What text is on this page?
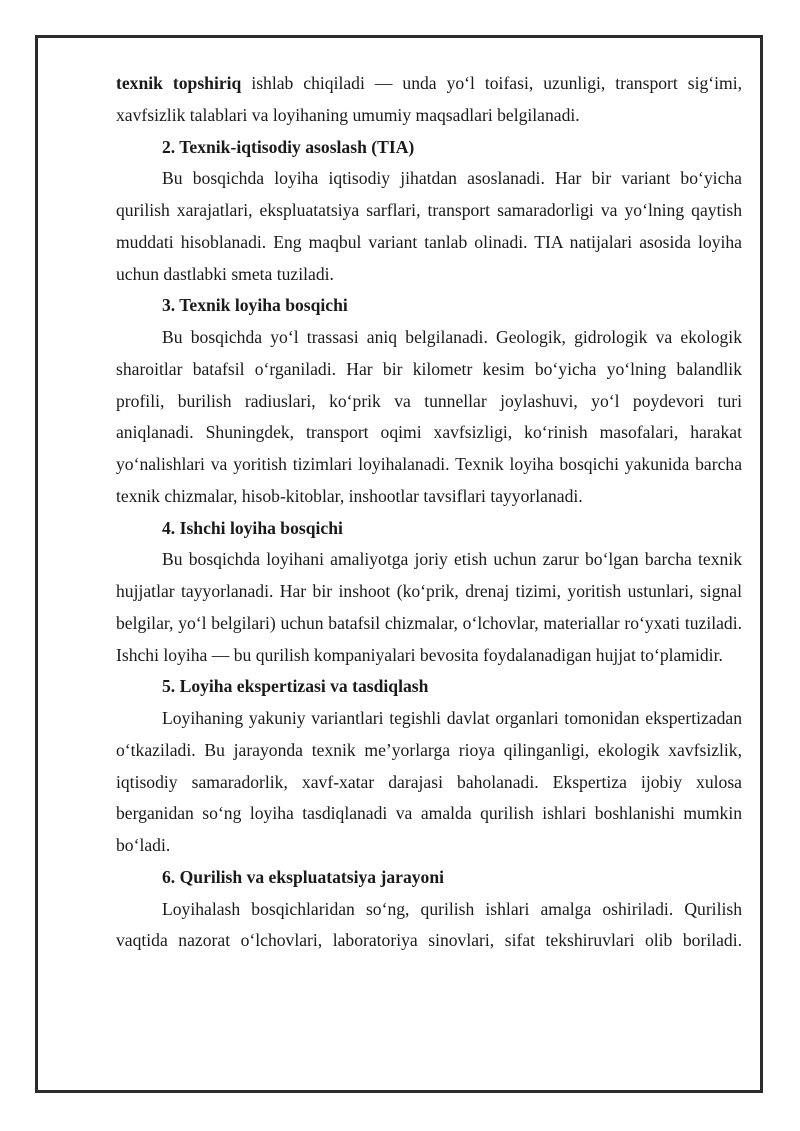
texnik topshiriq ishlab chiqiladi — unda yo‘l toifasi, uzunligi, transport sig‘imi, xavfsizlik talablari va loyihaning umumiy maqsadlari belgilanadi.

2. Texnik-iqtisodiy asoslash (TIA)

Bu bosqichda loyiha iqtisodiy jihatdan asoslanadi. Har bir variant bo‘yicha qurilish xarajatlari, ekspluatatsiya sarflari, transport samaradorligi va yo‘lning qaytish muddati hisoblanadi. Eng maqbul variant tanlab olinadi. TIA natijalari asosida loyiha uchun dastlabki smeta tuziladi.

3. Texnik loyiha bosqichi

Bu bosqichda yo‘l trassasi aniq belgilanadi. Geologik, gidrologik va ekologik sharoitlar batafsil o‘rganiladi. Har bir kilometr kesim bo‘yicha yo‘lning balandlik profili, burilish radiuslari, ko‘prik va tunnellar joylashuvi, yo‘l poydevori turi aniqlanadi. Shuningdek, transport oqimi xavfsizligi, ko‘rinish masofalari, harakat yo‘nalishlari va yoritish tizimlari loyihalanadi. Texnik loyiha bosqichi yakunida barcha texnik chizmalar, hisob-kitoblar, inshootlar tavsiflari tayyorlanadi.

4. Ishchi loyiha bosqichi

Bu bosqichda loyihani amaliyotga joriy etish uchun zarur bo‘lgan barcha texnik hujjatlar tayyorlanadi. Har bir inshoot (ko‘prik, drenaj tizimi, yoritish ustunlari, signal belgilar, yo‘l belgilari) uchun batafsil chizmalar, o‘lchovlar, materiallar ro‘yxati tuziladi. Ishchi loyiha — bu qurilish kompaniyalari bevosita foydalanadigan hujjat to‘plamidir.

5. Loyiha ekspertizasi va tasdiqlash

Loyihaning yakuniy variantlari tegishli davlat organlari tomonidan ekspertizadan o‘tkaziladi. Bu jarayonda texnik me’yorlarga rioya qilinganligi, ekologik xavfsizlik, iqtisodiy samaradorlik, xavf-xatar darajasi baholanadi. Ekspertiza ijobiy xulosa berganidan so‘ng loyiha tasdiqlanadi va amalda qurilish ishlari boshlanishi mumkin bo‘ladi.

6. Qurilish va ekspluatatsiya jarayoni

Loyihalash bosqichlaridan so‘ng, qurilish ishlari amalga oshiriladi. Qurilish vaqtida nazorat o‘lchovlari, laboratoriya sinovlari, sifat tekshiruvlari olib boriladi.
